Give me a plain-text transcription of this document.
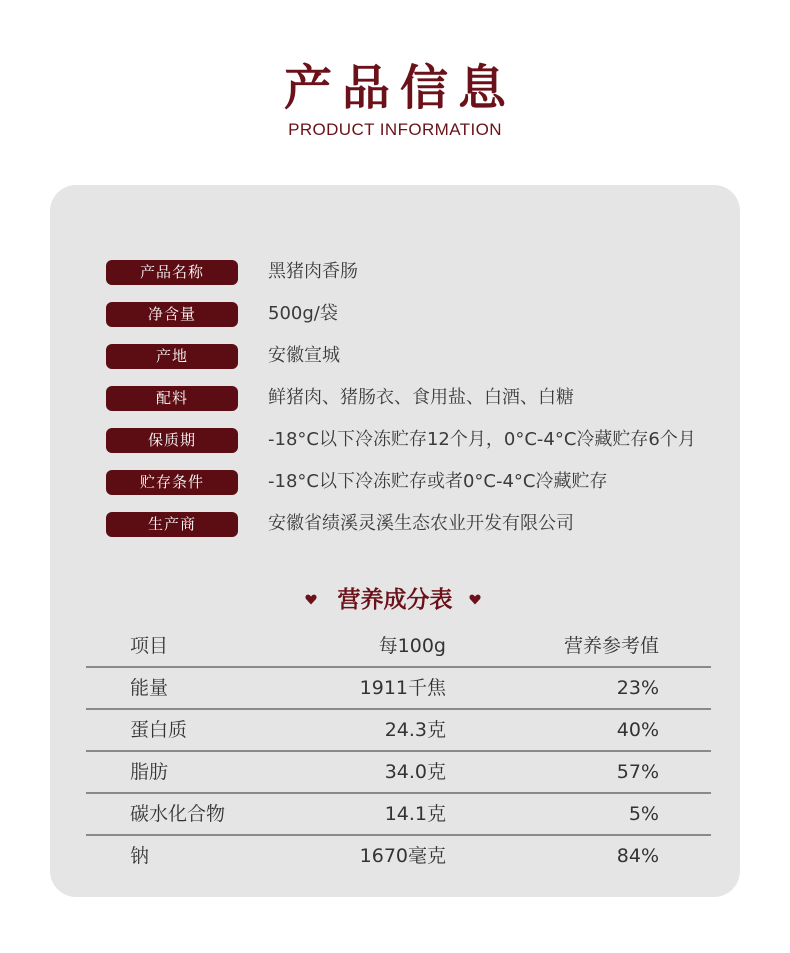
产品信息
PRODUCT INFORMATION
产品名称	黑猪肉香肠
净含量	500g/袋
产地	安徽宣城
配料	鲜猪肉、猪肠衣、食用盐、白酒、白糖
保质期	-18°C以下冷冻贮存12个月，0°C-4°C冷藏贮存6个月
贮存条件	-18°C以下冷冻贮存或者0°C-4°C冷藏贮存
生产商	安徽省绩溪灵溪生态农业开发有限公司
营养成分表
项目	每100g	营养参考值
能量	1911千焦	23%
蛋白质	24.3克	40%
脂肪	34.0克	57%
碳水化合物	14.1克	5%
钠	1670毫克	84%
